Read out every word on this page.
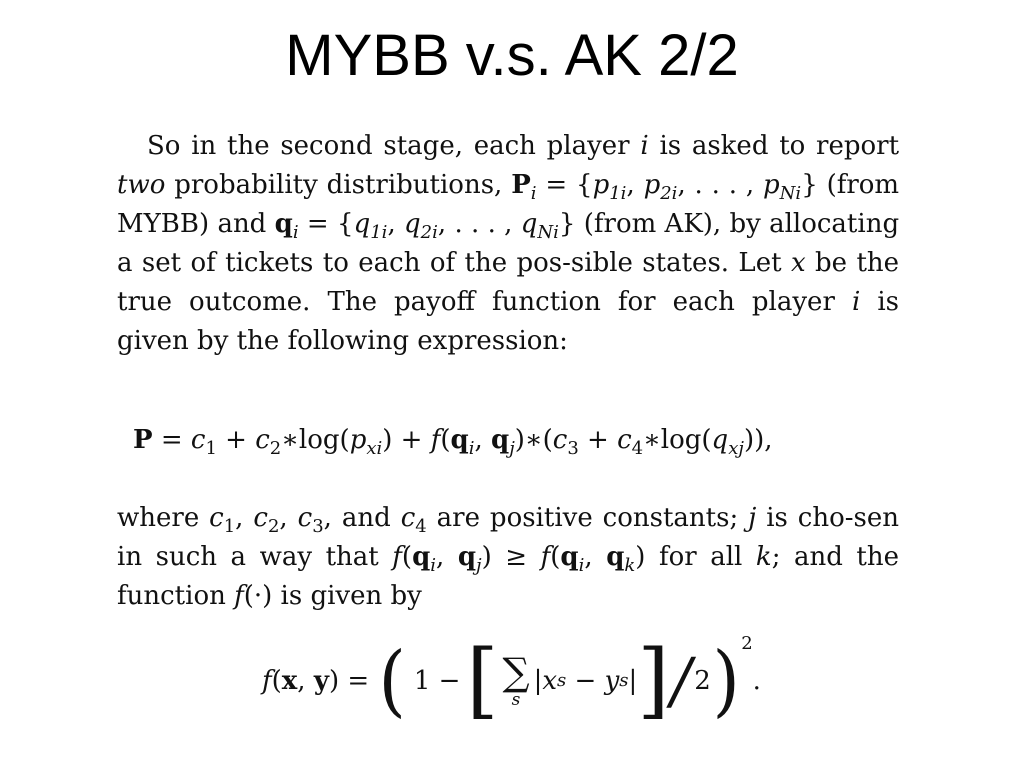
MYBB v.s. AK 2/2
So in the second stage, each player i is asked to report two probability distributions, $P_i = \{p_{1i}$, $p_{2i}$, . . . , $p_{Ni}$} (from MYBB) and $q_i = \{q_{1i}$, $q_{2i}$, . . . , $q_{Ni}$} (from AK), by allocating a set of tickets to each of the pos-sible states. Let x be the true outcome. The payoff function for each player i is given by the following expression:
$P = c_1$ + $c_2∗\log(p_{xi}) + f(q_i$, $q_j)∗(c_3$ + $c_4∗\log(q_{xj})$),
where $c_1$, $c_2$, $c_3$, and $c_4$ are positive constants; j is cho-sen in such a way that $f(q_i$, $q_j) \ge f(q_i$, $q_k$) for all k; and the function f(·) is given by
f ( x , y ) = ( 1 − [ ∑
s
| x s − y s | ]
/
2 ) 2
.
